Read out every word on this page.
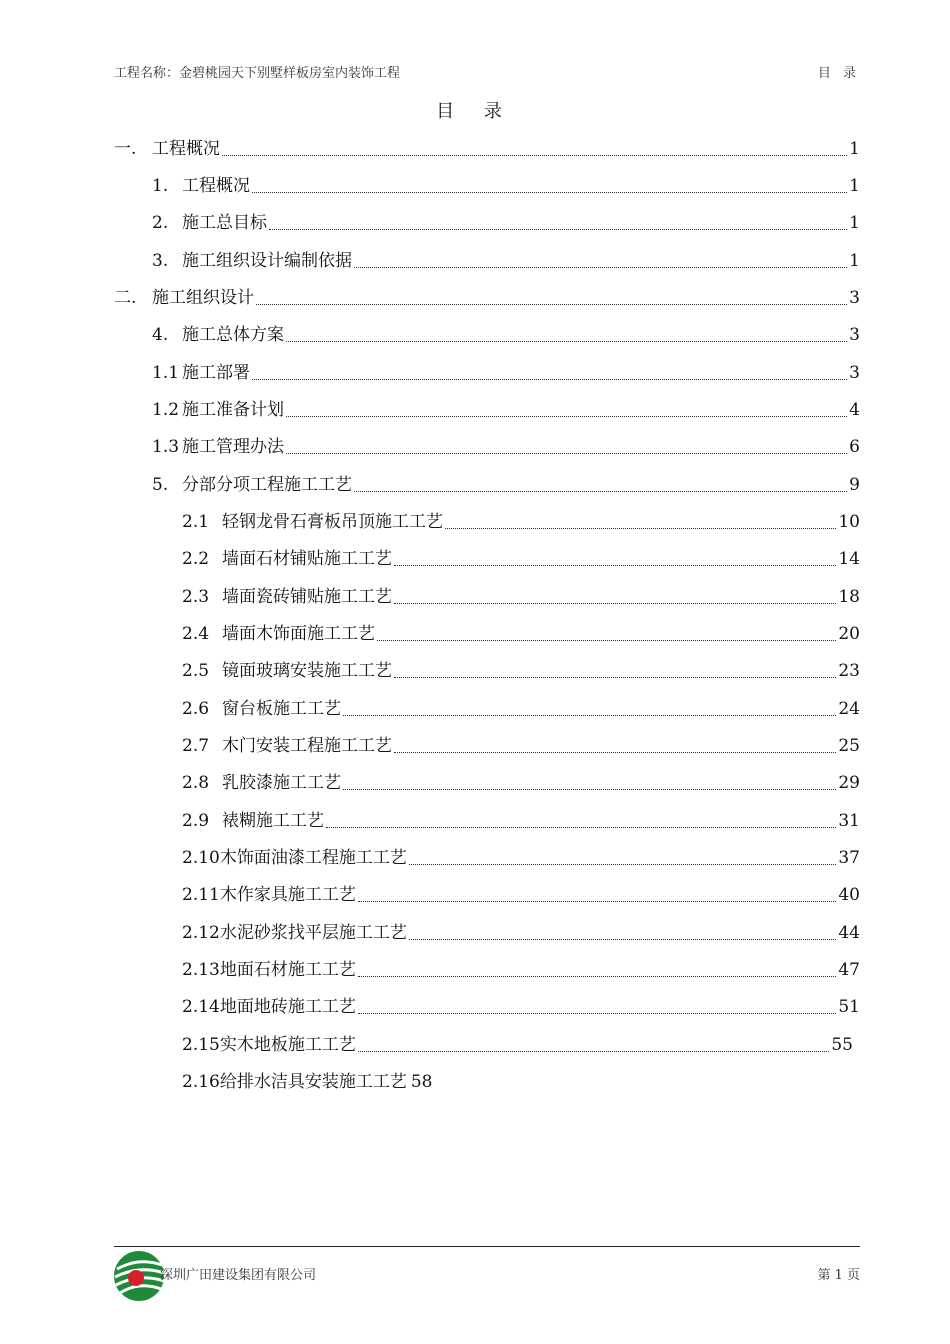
工程名称：金碧桃园天下别墅样板房室内装饰工程	目 录
目 录
一. 工程概况	1
1. 工程概况	1
2. 施工总目标	1
3. 施工组织设计编制依据	1
二. 施工组织设计	3
4. 施工总体方案	3
1.1 施工部署	3
1.2 施工准备计划	4
1.3 施工管理办法	6
5. 分部分项工程施工工艺	9
2.1 轻钢龙骨石膏板吊顶施工工艺	10
2.2 墙面石材铺贴施工工艺	14
2.3 墙面瓷砖铺贴施工工艺	18
2.4 墙面木饰面施工工艺	20
2.5 镜面玻璃安装施工工艺	23
2.6 窗台板施工工艺	24
2.7 木门安装工程施工工艺	25
2.8 乳胶漆施工工艺	29
2.9 裱糊施工工艺	31
2.10 木饰面油漆工程施工工艺	37
2.11 木作家具施工工艺	40
2.12 水泥砂浆找平层施工工艺	44
2.13 地面石材施工工艺	47
2.14 地面地砖施工工艺	51
2.15 实木地板施工工艺	55
2.16 给排水洁具安装施工工艺 58
深圳广田建设集团有限公司	第 1 页
